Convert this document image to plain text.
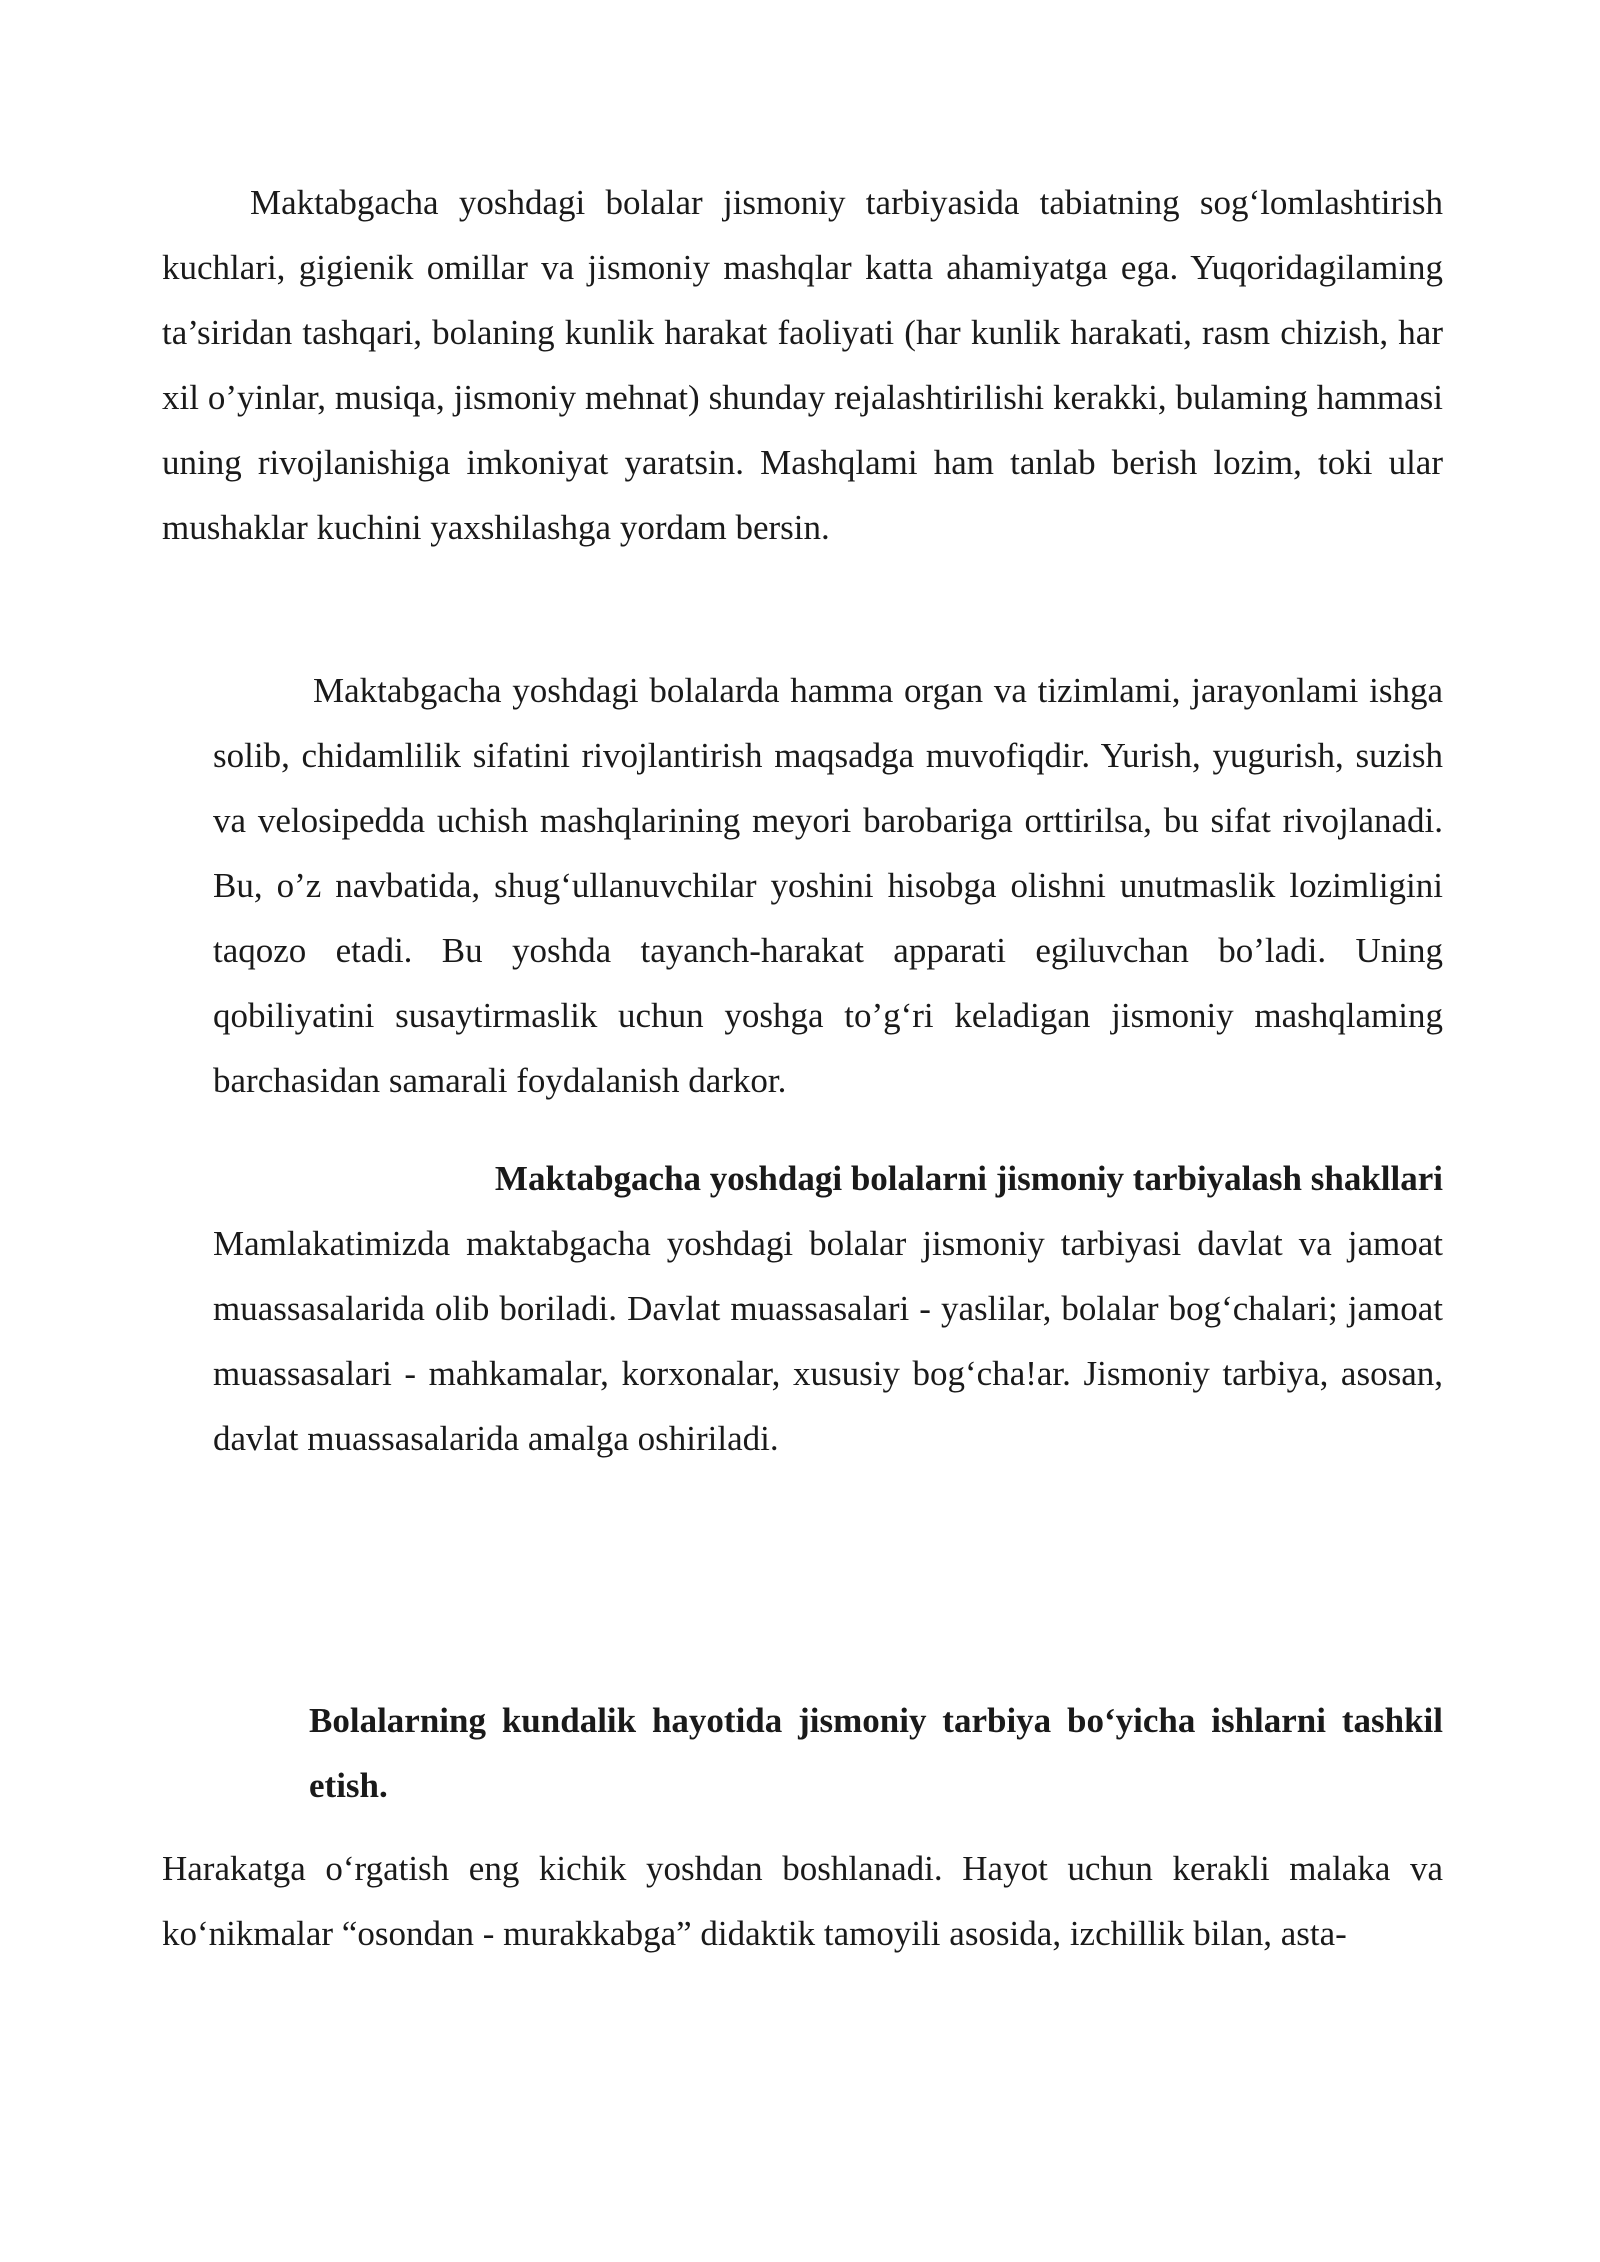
Maktabgacha yoshdagi bolalar jismoniy tarbiyasida tabiatning sog‘lomlashtirish kuchlari, gigienik omillar va jismoniy mashqlar katta ahamiyatga ega. Yuqoridagilaming ta’siridan tashqari, bolaning kunlik harakat faoliyati (har kunlik harakati, rasm chizish, har xil o’yinlar, musiqa, jismoniy mehnat) shunday rejalashtirilishi kerakki, bulaming hammasi uning rivojlanishiga imkoniyat yaratsin. Mashqlami ham tanlab berish lozim, toki ular mushaklar kuchini yaxshilashga yordam bersin.

Maktabgacha yoshdagi bolalarda hamma organ va tizimlami, jarayonlami ishga solib, chidamlilik sifatini rivojlantirish maqsadga muvofiqdir. Yurish, yugurish, suzish va velosipedda uchish mashqlarining meyori barobariga orttirilsa, bu sifat rivojlanadi. Bu, o’z navbatida, shug‘ullanuvchilar yoshini hisobga olishni unutmaslik lozimligini taqozo etadi. Bu yoshda tayanch-harakat apparati egiluvchan bo’ladi. Uning qobiliyatini susaytirmaslik uchun yoshga to’g‘ri keladigan jismoniy mashqlaming barchasidan samarali foydalanish darkor.

Maktabgacha yoshdagi bolalarni jismoniy tarbiyalash shakllari

Mamlakatimizda maktabgacha yoshdagi bolalar jismoniy tarbiyasi davlat va jamoat muassasalarida olib boriladi. Davlat muassasalari - yaslilar, bolalar bog‘chalari; jamoat muassasalari - mahkamalar, korxonalar, xususiy bog‘cha!ar. Jismoniy tarbiya, asosan, davlat muassasalarida amalga oshiriladi.

Bolalarning kundalik hayotida jismoniy tarbiya bo‘yicha ishlarni tashkil etish.

Harakatga o‘rgatish eng kichik yoshdan boshlanadi. Hayot uchun kerakli malaka va ko‘nikmalar “osondan - murakkabga” didaktik tamoyili asosida, izchillik bilan, asta-
